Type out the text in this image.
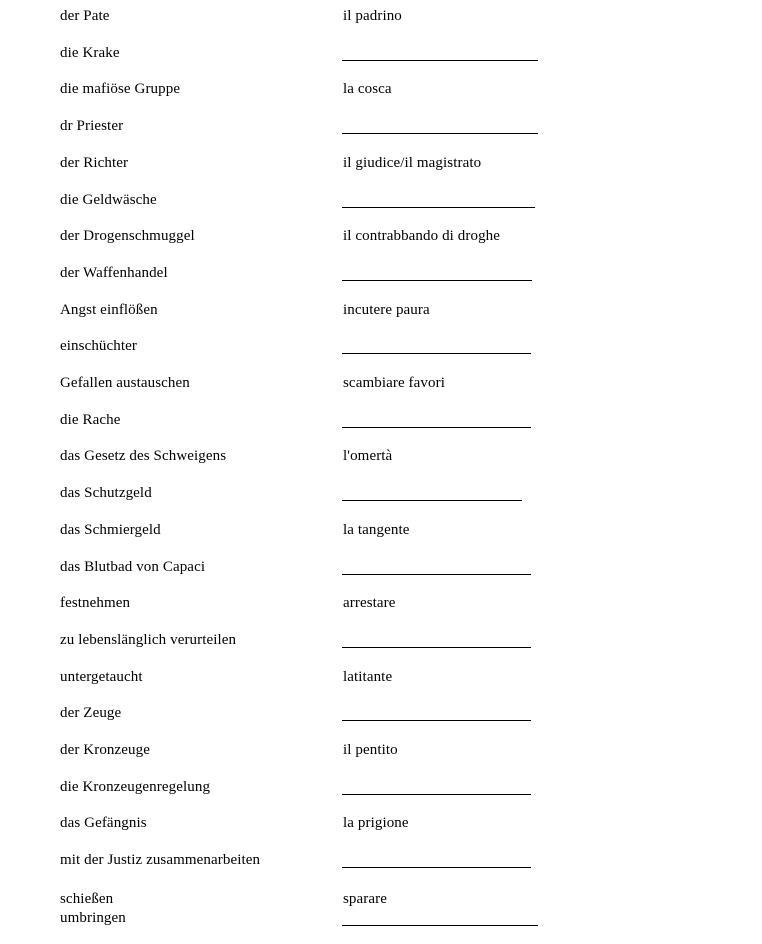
der Pate	il padrino
die Krake
die mafiöse Gruppe	la cosca
dr Priester
der Richter	il giudice/il magistrato
die Geldwäsche
der Drogenschmuggel	il contrabbando di droghe
der Waffenhandel
Angst einflößen	incutere paura
einschüchter
Gefallen austauschen	scambiare favori
die Rache
das Gesetz des Schweigens	l'omertà
das Schutzgeld
das Schmiergeld	la tangente
das Blutbad von Capaci
festnehmen	arrestare
zu lebenslänglich verurteilen
untergetaucht	latitante
der Zeuge
der Kronzeuge	il pentito
die Kronzeugenregelung
das Gefängnis	la prigione
mit der Justiz zusammenarbeiten
schießen	sparare
umbringen
